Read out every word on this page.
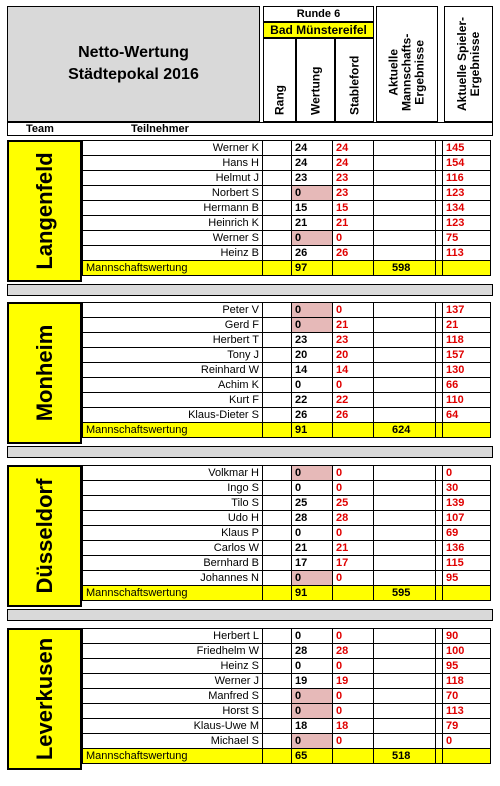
Netto-Wertung
Städtepokal 2016
Runde 6
Bad Münstereifel
Rang Wertung Stableford Aktuelle Mannschafts- Ergebnisse Aktuelle Spieler- Ergebnisse
Team	Teilnehmer
Langenfeld
Werner K		24	24			145
Hans H		24	24			154
Helmut J		23	23			116
Norbert S		0	23			123
Hermann B		15	15			134
Heinrich K		21	21			123
Werner S		0	0			75
Heinz B		26	26			113
Mannschaftswertung		97		598		
Monheim
Peter V		0	0			137
Gerd F		0	21			21
Herbert T		23	23			118
Tony J		20	20			157
Reinhard W		14	14			130
Achim K		0	0			66
Kurt F		22	22			110
Klaus-Dieter S		26	26			64
Mannschaftswertung		91		624		
Düsseldorf
Volkmar H		0	0			0
Ingo S		0	0			30
Tilo S		25	25			139
Udo H		28	28			107
Klaus P		0	0			69
Carlos W		21	21			136
Bernhard B		17	17			115
Johannes N		0	0			95
Mannschaftswertung		91		595		
Leverkusen
Herbert L		0	0			90
Friedhelm W		28	28			100
Heinz S		0	0			95
Werner J		19	19			118
Manfred S		0	0			70
Horst S		0	0			113
Klaus-Uwe M		18	18			79
Michael S		0	0			0
Mannschaftswertung		65		518		
